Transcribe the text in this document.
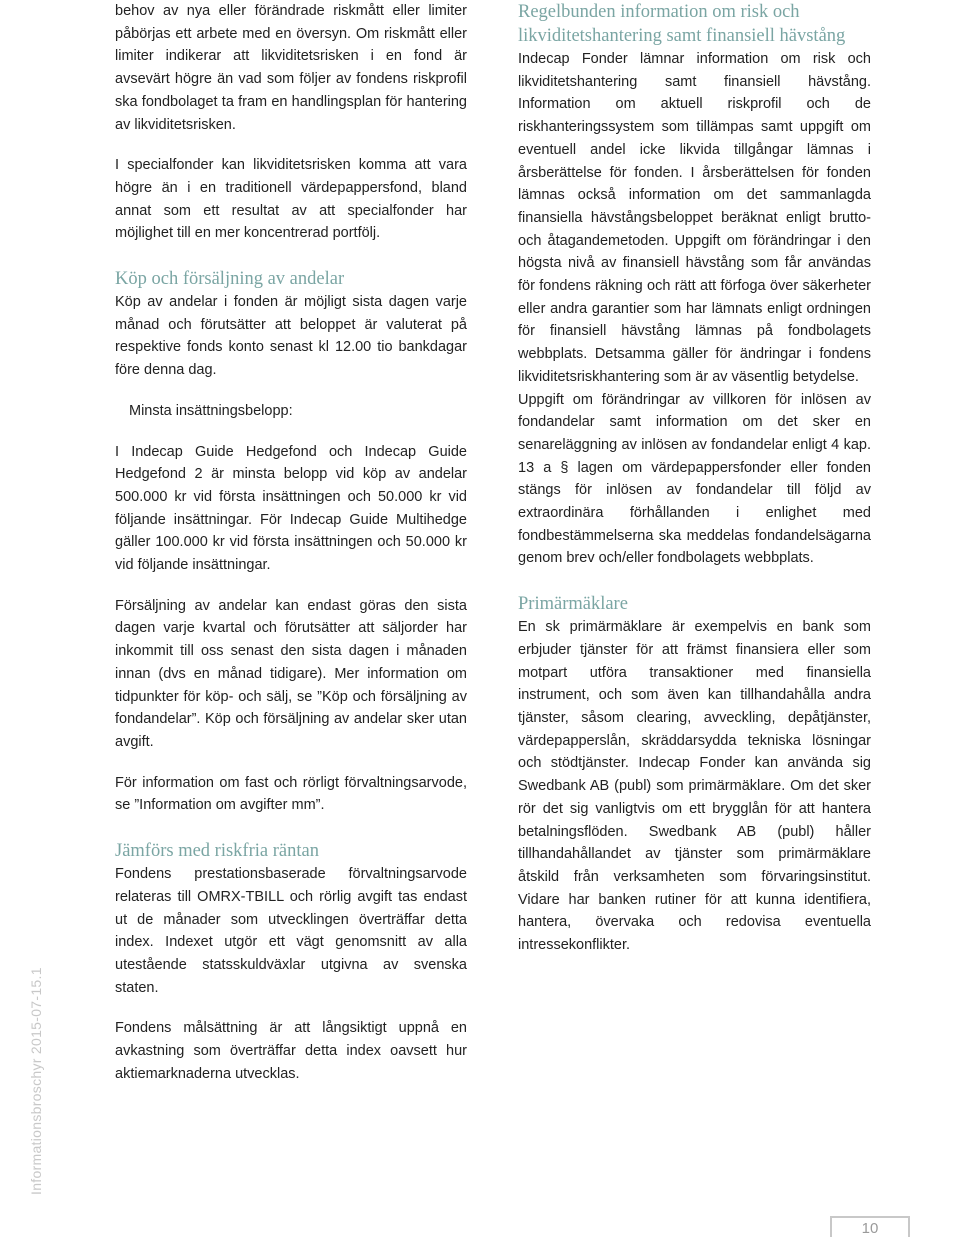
behov av nya eller förändrade riskmått eller limiter påbörjas ett arbete med en översyn. Om riskmått eller limiter indikerar att likviditetsrisken i en fond är avsevärt högre än vad som följer av fondens riskprofil ska fondbolaget ta fram en handlingsplan för hantering av likviditetsrisken.

I specialfonder kan likviditetsrisken komma att vara högre än i en traditionell värdepappersfond, bland annat som ett resultat av att specialfonder har möjlighet till en mer koncentrerad portfölj.

Köp och försäljning av andelar

Köp av andelar i fonden är möjligt sista dagen varje månad och förutsätter att beloppet är valuterat på respektive fonds konto senast kl 12.00 tio bankdagar före denna dag.

Minsta insättningsbelopp:

I Indecap Guide Hedgefond och Indecap Guide Hedgefond 2 är minsta belopp vid köp av andelar 500.000 kr vid första insättningen och 50.000 kr vid följande insättningar. För Indecap Guide Multihedge gäller 100.000 kr vid första insättningen och 50.000 kr vid följande insättningar.

Försäljning av andelar kan endast göras den sista dagen varje kvartal och förutsätter att säljorder har inkommit till oss senast den sista dagen i månaden innan (dvs en månad tidigare). Mer information om tidpunkter för köp- och sälj, se ”Köp och försäljning av fondandelar”. Köp och försäljning av andelar sker utan avgift.

För information om fast och rörligt förvaltningsarvode, se ”Information om avgifter mm”.

Jämförs med riskfria räntan

Fondens prestationsbaserade förvaltningsarvode relateras till OMRX-TBILL och rörlig avgift tas endast ut de månader som utvecklingen överträffar detta index. Indexet utgör ett vägt genomsnitt av alla utestående statsskuldväxlar utgivna av svenska staten.

Fondens målsättning är att långsiktigt uppnå en avkastning som överträffar detta index oavsett hur aktiemarknaderna utvecklas.

Regelbunden information om risk och likviditetshantering samt finansiell hävstång

Indecap Fonder lämnar information om risk och likviditetshantering samt finansiell hävstång. Information om aktuell riskprofil och de riskhanteringssystem som tillämpas samt uppgift om eventuell andel icke likvida tillgångar lämnas i årsberättelse för fonden. I årsberättelsen för fonden lämnas också information om det sammanlagda finansiella hävstångsbeloppet beräknat enligt brutto- och åtagandemetoden. Uppgift om förändringar i den högsta nivå av finansiell hävstång som får användas för fondens räkning och rätt att förfoga över säkerheter eller andra garantier som har lämnats enligt ordningen för finansiell hävstång lämnas på fondbolagets webbplats. Detsamma gäller för ändringar i fondens likviditetsriskhantering som är av väsentlig betydelse.

Uppgift om förändringar av villkoren för inlösen av fondandelar samt information om det sker en senareläggning av inlösen av fondandelar enligt 4 kap. 13 a § lagen om värdepappersfonder eller fonden stängs för inlösen av fondandelar till följd av extraordinära förhållanden i enlighet med fondbestämmelserna ska meddelas fondandelsägarna genom brev och/eller fondbolagets webbplats.

Primärmäklare

En sk primärmäklare är exempelvis en bank som erbjuder tjänster för att främst finansiera eller som motpart utföra transaktioner med finansiella instrument, och som även kan tillhandahålla andra tjänster, såsom clearing, avveckling, depåtjänster, värdepapperslån, skräddarsydda tekniska lösningar och stödtjänster. Indecap Fonder kan använda sig Swedbank AB (publ) som primärmäklare. Om det sker rör det sig vanligtvis om ett brygglån för att hantera betalningsflöden. Swedbank AB (publ) håller tillhandahållandet av tjänster som primärmäklare åtskild från verksamheten som förvaringsinstitut. Vidare har banken rutiner för att kunna identifiera, hantera, övervaka och redovisa eventuella intressekonflikter.

Informationsbroschyr 2015-07-15.1
10
